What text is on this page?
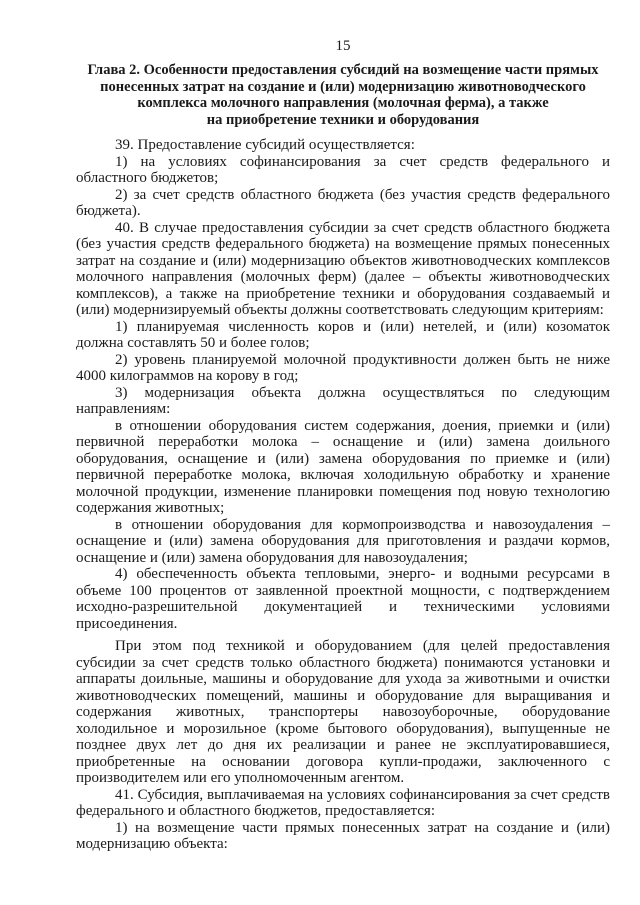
15
Глава 2. Особенности предоставления субсидий на возмещение части прямых
понесенных затрат на создание и (или) модернизацию животноводческого
комплекса молочного направления (молочная ферма), а также
на приобретение техники и оборудования

39. Предоставление субсидий осуществляется:

1) на условиях софинансирования за счет средств федерального и областного бюджетов;

2) за счет средств областного бюджета (без участия средств федерального бюджета).

40. В случае предоставления субсидии за счет средств областного бюджета (без участия средств федерального бюджета) на возмещение прямых понесенных затрат на создание и (или) модернизацию объектов животноводческих комплексов молочного направления (молочных ферм) (далее – объекты животноводческих комплексов), а также на приобретение техники и оборудования создаваемый и (или) модернизируемый объекты должны соответствовать следующим критериям:

1) планируемая численность коров и (или) нетелей, и (или) козоматок должна составлять 50 и более голов;

2) уровень планируемой молочной продуктивности должен быть не ниже 4000 килограммов на корову в год;

3) модернизация объекта должна осуществляться по следующим направлениям:

в отношении оборудования систем содержания, доения, приемки и (или) первичной переработки молока – оснащение и (или) замена доильного оборудования, оснащение и (или) замена оборудования по приемке и (или) первичной переработке молока, включая холодильную обработку и хранение молочной продукции, изменение планировки помещения под новую технологию содержания животных;

в отношении оборудования для кормопроизводства и навозоудаления – оснащение и (или) замена оборудования для приготовления и раздачи кормов, оснащение и (или) замена оборудования для навозоудаления;

4) обеспеченность объекта тепловыми, энерго- и водными ресурсами в объеме 100 процентов от заявленной проектной мощности, с подтверждением исходно-разрешительной документацией и техническими условиями присоединения.

При этом под техникой и оборудованием (для целей предоставления субсидии за счет средств только областного бюджета) понимаются установки и аппараты доильные, машины и оборудование для ухода за животными и очистки животноводческих помещений, машины и оборудование для выращивания и содержания животных, транспортеры навозоуборочные, оборудование холодильное и морозильное (кроме бытового оборудования), выпущенные не позднее двух лет до дня их реализации и ранее не эксплуатировавшиеся, приобретенные на основании договора купли-продажи, заключенного с производителем или его уполномоченным агентом.

41. Субсидия, выплачиваемая на условиях софинансирования за счет средств федерального и областного бюджетов, предоставляется:

1) на возмещение части прямых понесенных затрат на создание и (или) модернизацию объекта:
